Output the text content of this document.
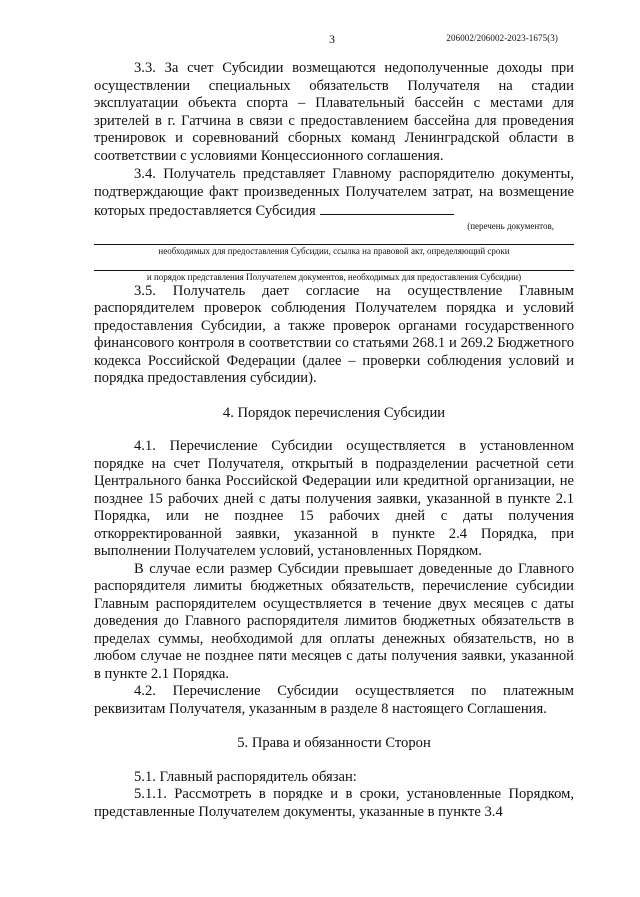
3	206002/206002-2023-1675(3)

3.3. За счет Субсидии возмещаются недополученные доходы при осуществлении специальных обязательств Получателя на стадии эксплуатации объекта спорта – Плавательный бассейн с местами для зрителей в г. Гатчина в связи с предоставлением бассейна для проведения тренировок и соревнований сборных команд Ленинградской области в соответствии с условиями Концессионного соглашения.

3.4. Получатель представляет Главному распорядителю документы, подтверждающие факт произведенных Получателем затрат, на возмещение которых предоставляется Субсидия

(перечень документов,

необходимых для предоставления Субсидии, ссылка на правовой акт, определяющий сроки

и порядок представления Получателем документов, необходимых для предоставления Субсидии)

3.5. Получатель дает согласие на осуществление Главным распорядителем проверок соблюдения Получателем порядка и условий предоставления Субсидии, а также проверок органами государственного финансового контроля в соответствии со статьями 268.1 и 269.2 Бюджетного кодекса Российской Федерации (далее – проверки соблюдения условий и порядка предоставления субсидии).

4. Порядок перечисления Субсидии

4.1. Перечисление Субсидии осуществляется в установленном порядке на счет Получателя, открытый в подразделении расчетной сети Центрального банка Российской Федерации или кредитной организации, не позднее 15 рабочих дней с даты получения заявки, указанной в пункте 2.1 Порядка, или не позднее 15 рабочих дней с даты получения откорректированной заявки, указанной в пункте 2.4 Порядка, при выполнении Получателем условий, установленных Порядком.

В случае если размер Субсидии превышает доведенные до Главного распорядителя лимиты бюджетных обязательств, перечисление субсидии Главным распорядителем осуществляется в течение двух месяцев с даты доведения до Главного распорядителя лимитов бюджетных обязательств в пределах суммы, необходимой для оплаты денежных обязательств, но в любом случае не позднее пяти месяцев с даты получения заявки, указанной в пункте 2.1 Порядка.

4.2. Перечисление Субсидии осуществляется по платежным реквизитам Получателя, указанным в разделе 8 настоящего Соглашения.

5. Права и обязанности Сторон

5.1. Главный распорядитель обязан:

5.1.1. Рассмотреть в порядке и в сроки, установленные Порядком, представленные Получателем документы, указанные в пункте 3.4
